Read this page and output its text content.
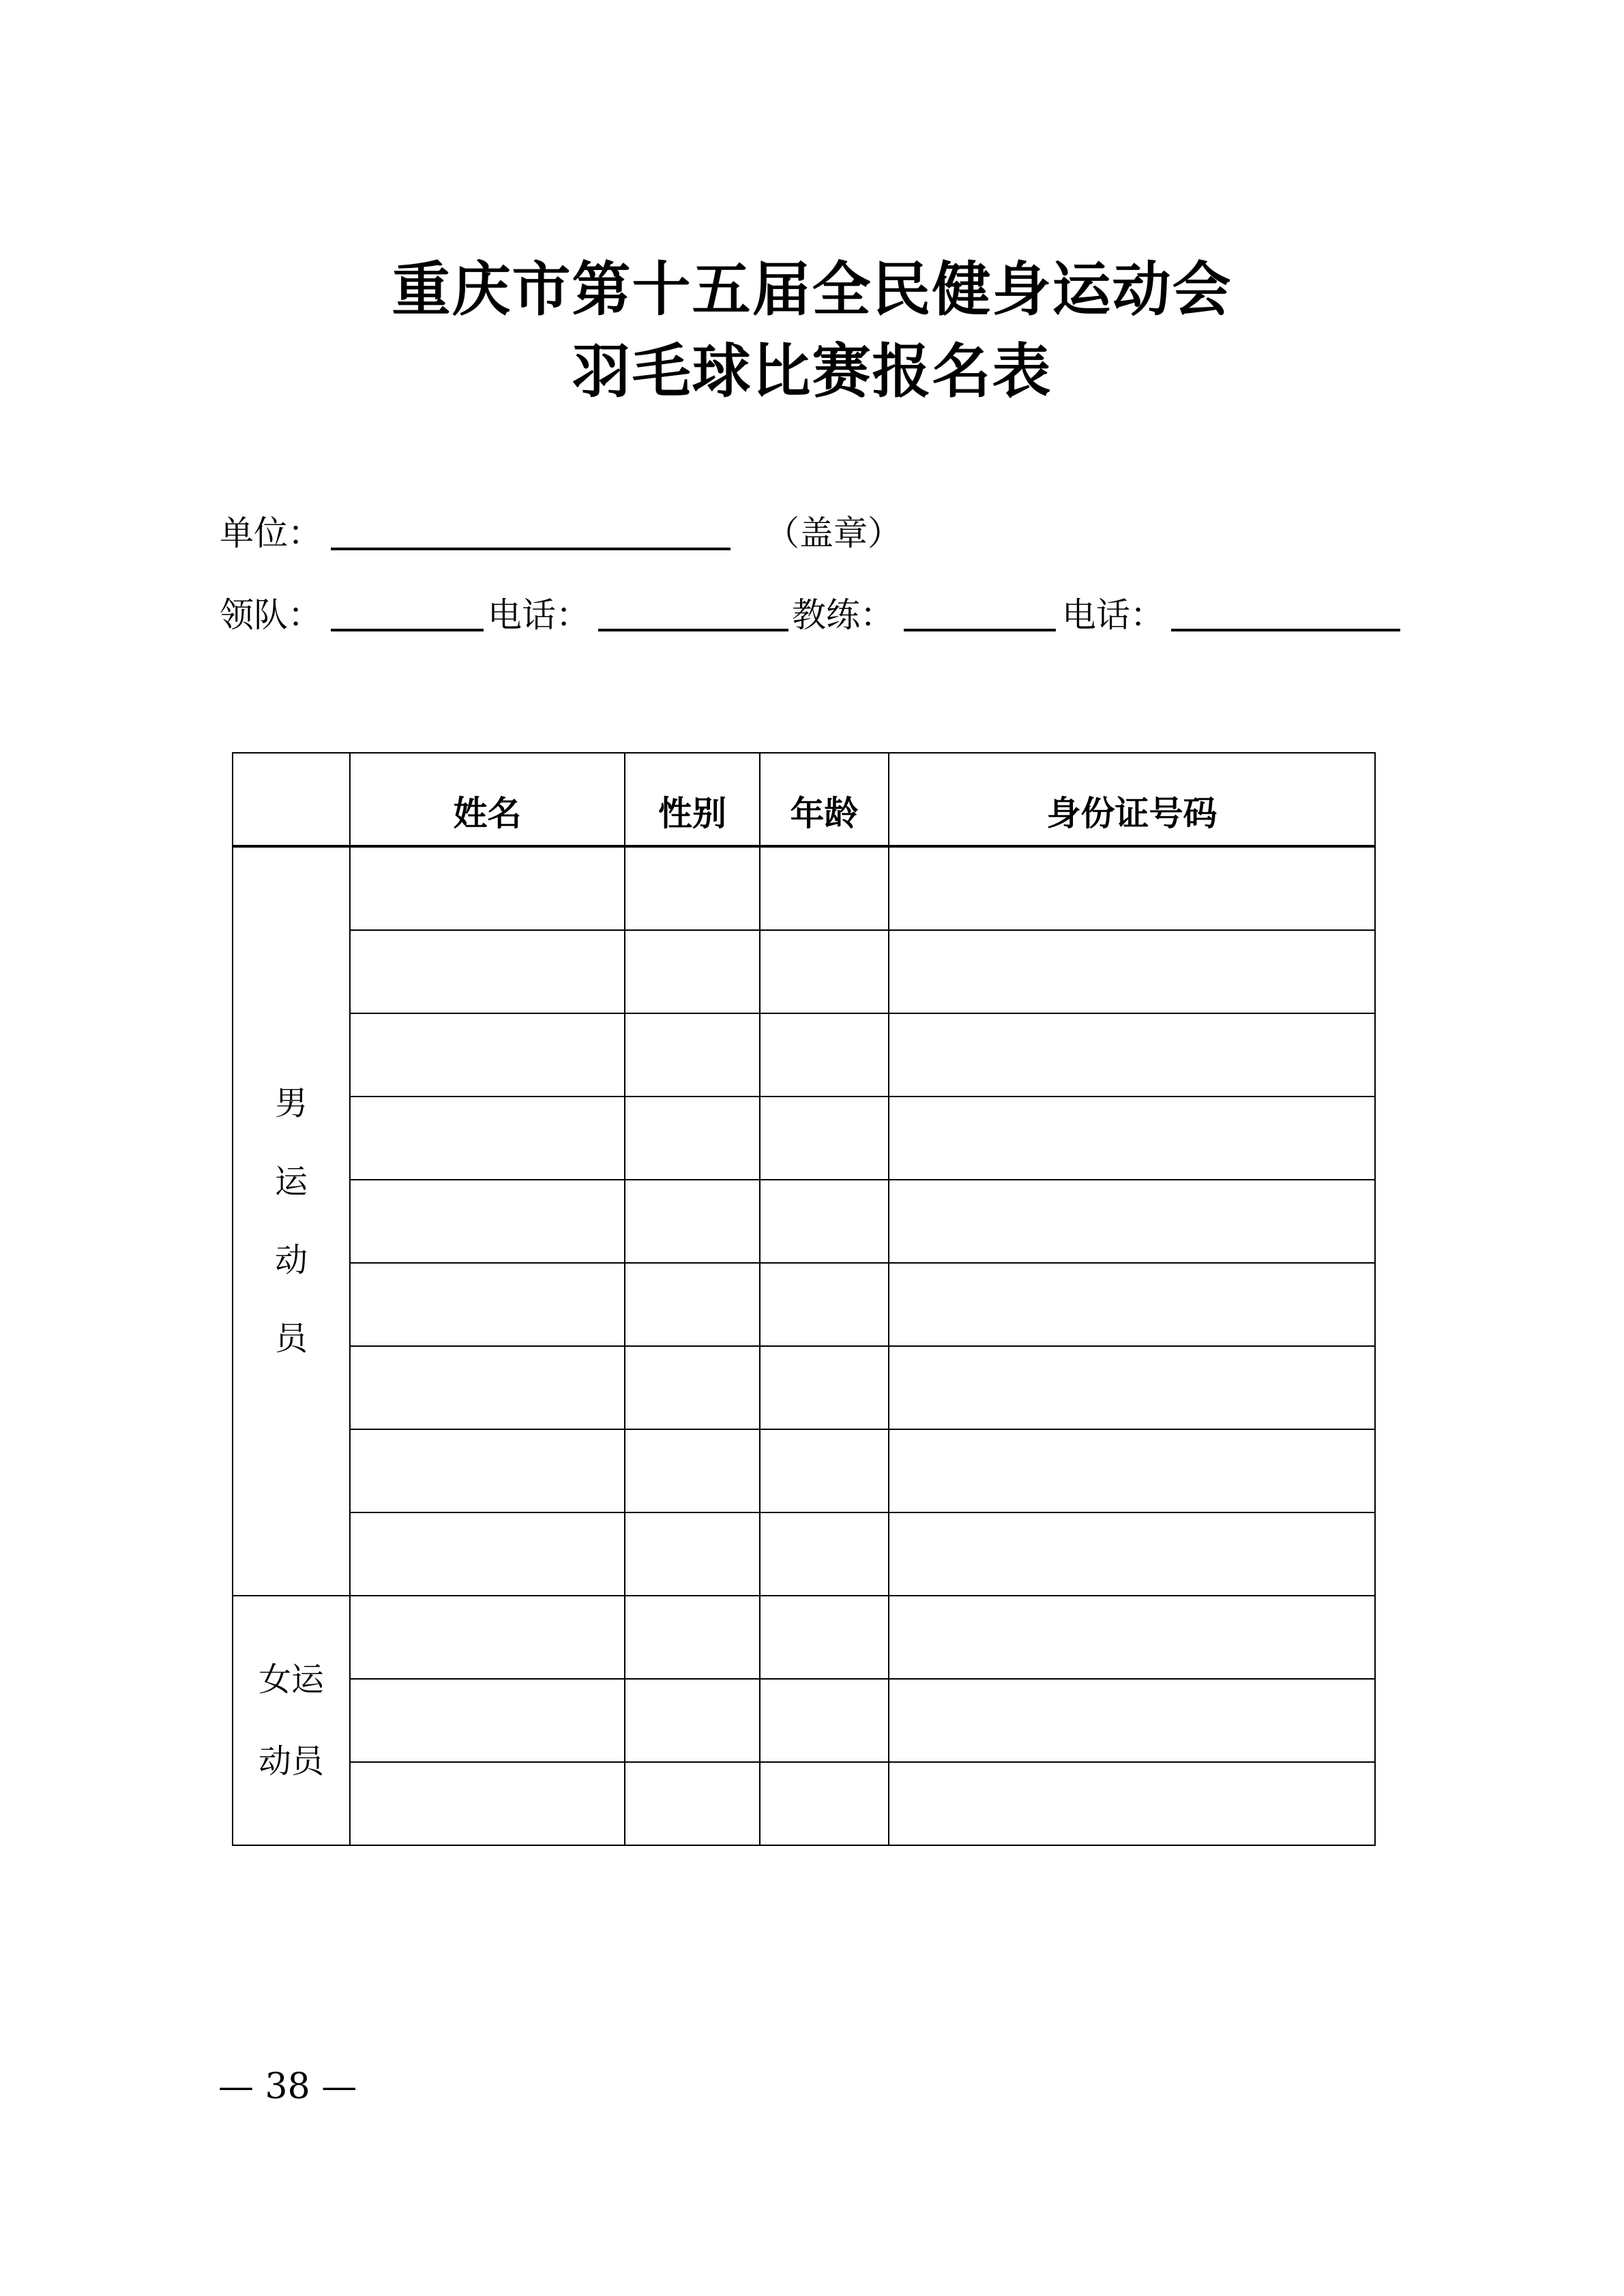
重庆市第十五届全民健身运动会
羽毛球比赛报名表
单位：	（盖章）
领队：	电话：	教练：	电话：
	姓名	性别	年龄	身份证号码

男
运
动
员				

女运
动员				

— 38 —
